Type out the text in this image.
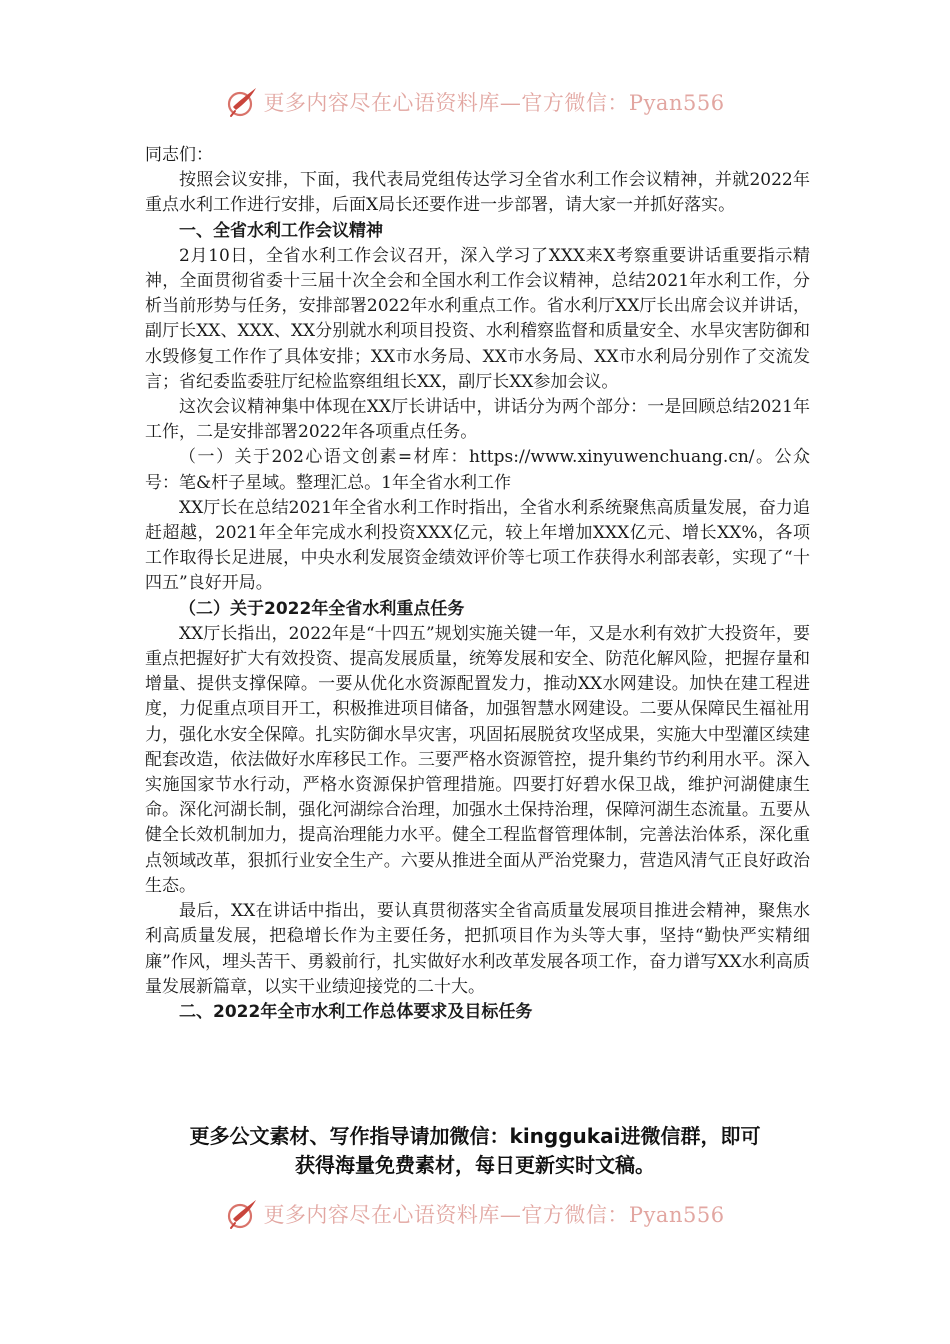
更多内容尽在心语资料库—官方微信：Pyan556

同志们：

按照会议安排，下面，我代表局党组传达学习全省水利工作会议精神，并就2022年重点水利工作进行安排，后面X局长还要作进一步部署，请大家一并抓好落实。

一、全省水利工作会议精神

2月10日，全省水利工作会议召开，深入学习了XXX来X考察重要讲话重要指示精神，全面贯彻省委十三届十次全会和全国水利工作会议精神，总结2021年水利工作，分析当前形势与任务，安排部署2022年水利重点工作。省水利厅XX厅长出席会议并讲话，副厅长XX、XXX、XX分别就水利项目投资、水利稽察监督和质量安全、水旱灾害防御和水毁修复工作作了具体安排；XX市水务局、XX市水务局、XX市水利局分别作了交流发言；省纪委监委驻厅纪检监察组组长XX，副厅长XX参加会议。

这次会议精神集中体现在XX厅长讲话中，讲话分为两个部分：一是回顾总结2021年工作，二是安排部署2022年各项重点任务。

（一）关于202心语文创素=材库：https://www.xinyuwenchuang.cn/。公众号：笔&杆子星域。整理汇总。1年全省水利工作

XX厅长在总结2021年全省水利工作时指出，全省水利系统聚焦高质量发展，奋力追赶超越，2021年全年完成水利投资XXX亿元，较上年增加XXX亿元、增长XX%，各项工作取得长足进展，中央水利发展资金绩效评价等七项工作获得水利部表彰，实现了“十四五”良好开局。

（二）关于2022年全省水利重点任务

XX厅长指出，2022年是“十四五”规划实施关键一年，又是水利有效扩大投资年，要重点把握好扩大有效投资、提高发展质量，统筹发展和安全、防范化解风险，把握存量和增量、提供支撑保障。一要从优化水资源配置发力，推动XX水网建设。加快在建工程进度，力促重点项目开工，积极推进项目储备，加强智慧水网建设。二要从保障民生福祉用力，强化水安全保障。扎实防御水旱灾害，巩固拓展脱贫攻坚成果，实施大中型灌区续建配套改造，依法做好水库移民工作。三要严格水资源管控，提升集约节约利用水平。深入实施国家节水行动，严格水资源保护管理措施。四要打好碧水保卫战，维护河湖健康生命。深化河湖长制，强化河湖综合治理，加强水土保持治理，保障河湖生态流量。五要从健全长效机制加力，提高治理能力水平。健全工程监督管理体制，完善法治体系，深化重点领域改革，狠抓行业安全生产。六要从推进全面从严治党聚力，营造风清气正良好政治生态。

最后，XX在讲话中指出，要认真贯彻落实全省高质量发展项目推进会精神，聚焦水利高质量发展，把稳增长作为主要任务，把抓项目作为头等大事，坚持“勤快严实精细廉”作风，埋头苦干、勇毅前行，扎实做好水利改革发展各项工作，奋力谱写XX水利高质量发展新篇章，以实干业绩迎接党的二十大。

二、2022年全市水利工作总体要求及目标任务

更多公文素材、写作指导请加微信：kinggukai进微信群，即可
获得海量免费素材，每日更新实时文稿。
更多内容尽在心语资料库—官方微信：Pyan556
